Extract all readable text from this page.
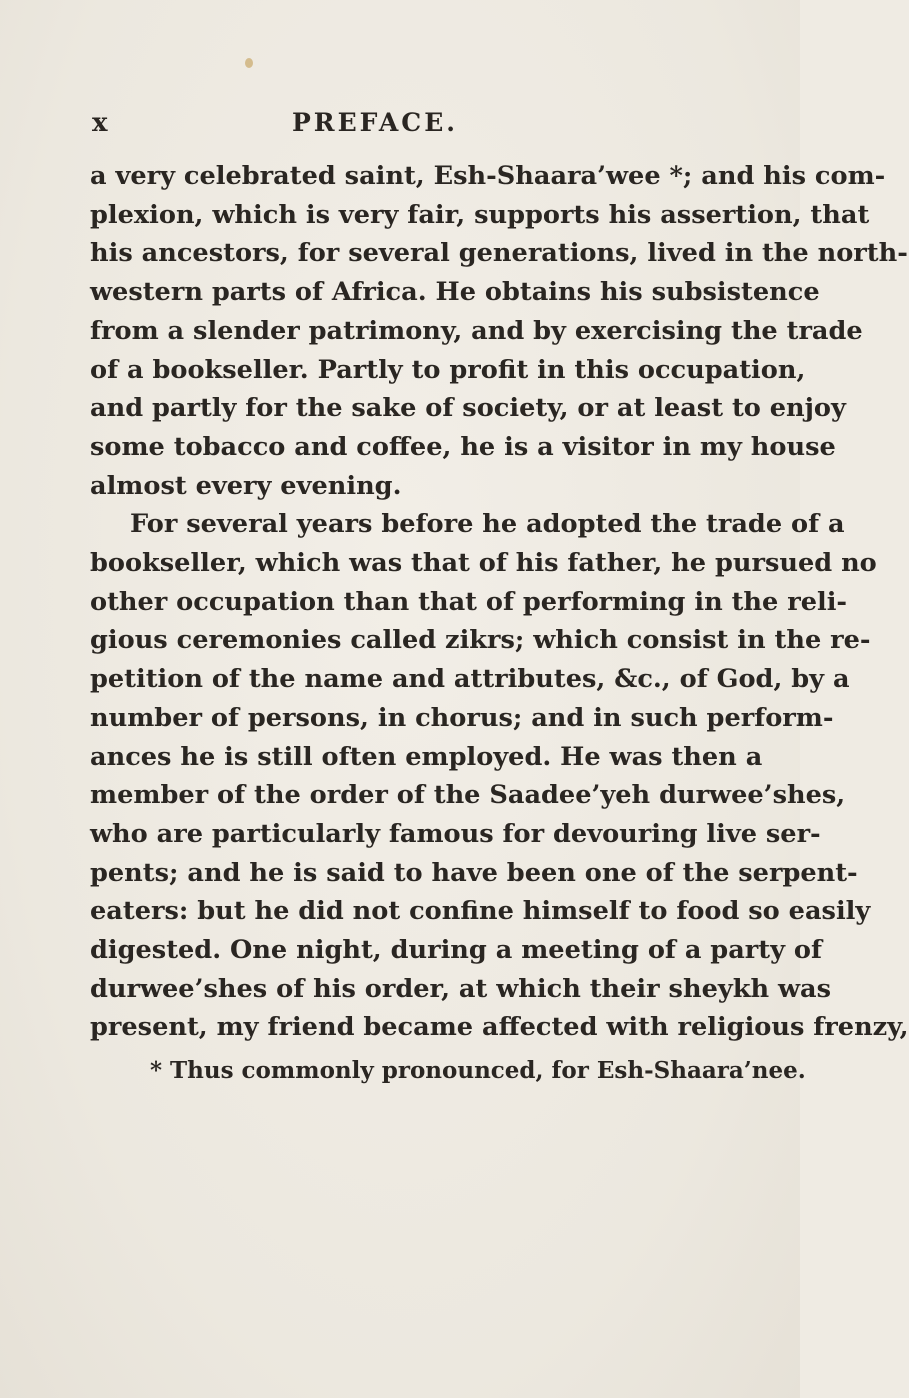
x	PREFACE.
a very celebrated saint, Esh-Shaara’wee *; and his com-
plexion, which is very fair, supports his assertion, that
his ancestors, for several generations, lived in the north-
western parts of Africa. He obtains his subsistence
from a slender patrimony, and by exercising the trade
of a bookseller. Partly to profit in this occupation,
and partly for the sake of society, or at least to enjoy
some tobacco and coffee, he is a visitor in my house
almost every evening.
For several years before he adopted the trade of a
bookseller, which was that of his father, he pursued no
other occupation than that of performing in the reli-
gious ceremonies called zikrs; which consist in the re-
petition of the name and attributes, &c., of God, by a
number of persons, in chorus; and in such perform-
ances he is still often employed. He was then a
member of the order of the Saadee’yeh durwee’shes,
who are particularly famous for devouring live ser-
pents; and he is said to have been one of the serpent-
eaters: but he did not confine himself to food so easily
digested. One night, during a meeting of a party of
durwee’shes of his order, at which their sheykh was
present, my friend became affected with religious frenzy,
* Thus commonly pronounced, for Esh-Shaara’nee.
